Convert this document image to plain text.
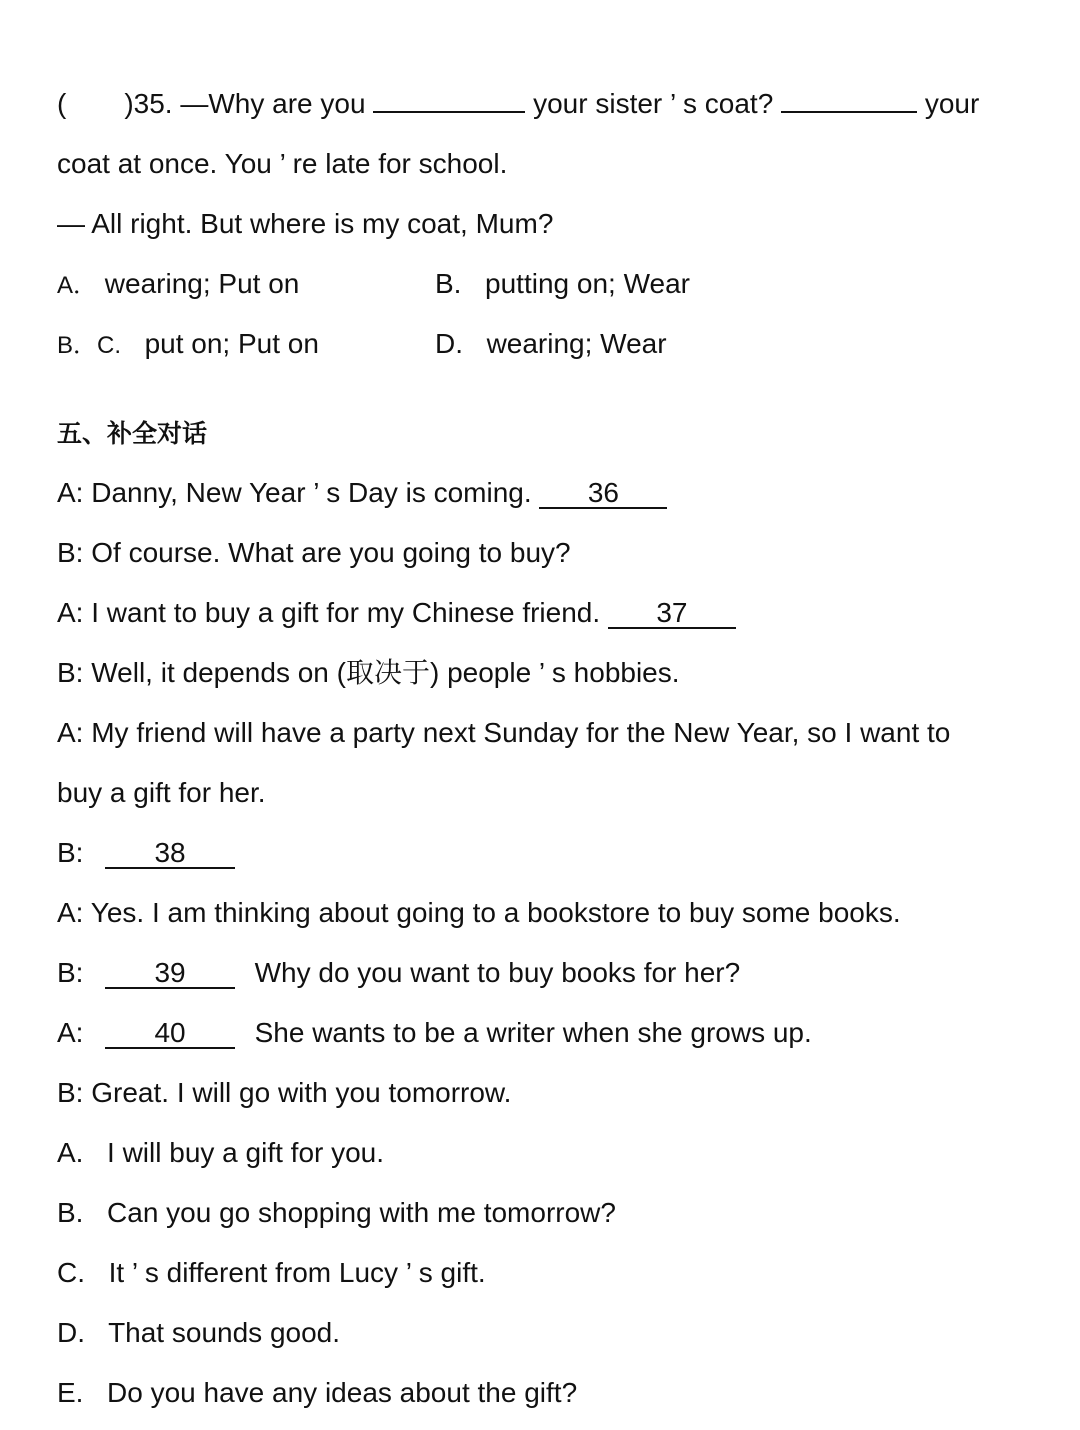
( )35. —Why are you	your sister ’ s coat?	your
coat at once. You ’ re late for school.
— All right. But where is my coat, Mum?
A． wearing; Put on	B. putting on; Wear
B．C. put on; Put on	D. wearing; Wear
五、补全对话
A: Danny, New Year ’ s Day is coming. 36
B: Of course. What are you going to buy?
A: I want to buy a gift for my Chinese friend. 37
B: Well, it depends on (取决于) people ’ s hobbies.
A: My friend will have a party next Sunday for the New Year, so I want to
buy a gift for her.
B:	38
A: Yes. I am thinking about going to a bookstore to buy some books.
B:	39 Why do you want to buy books for her?
A:	40 She wants to be a writer when she grows up.
B: Great. I will go with you tomorrow.
A. I will buy a gift for you.
B. Can you go shopping with me tomorrow?
C. It ’ s different from Lucy ’ s gift.
D. That sounds good.
E. Do you have any ideas about the gift?
